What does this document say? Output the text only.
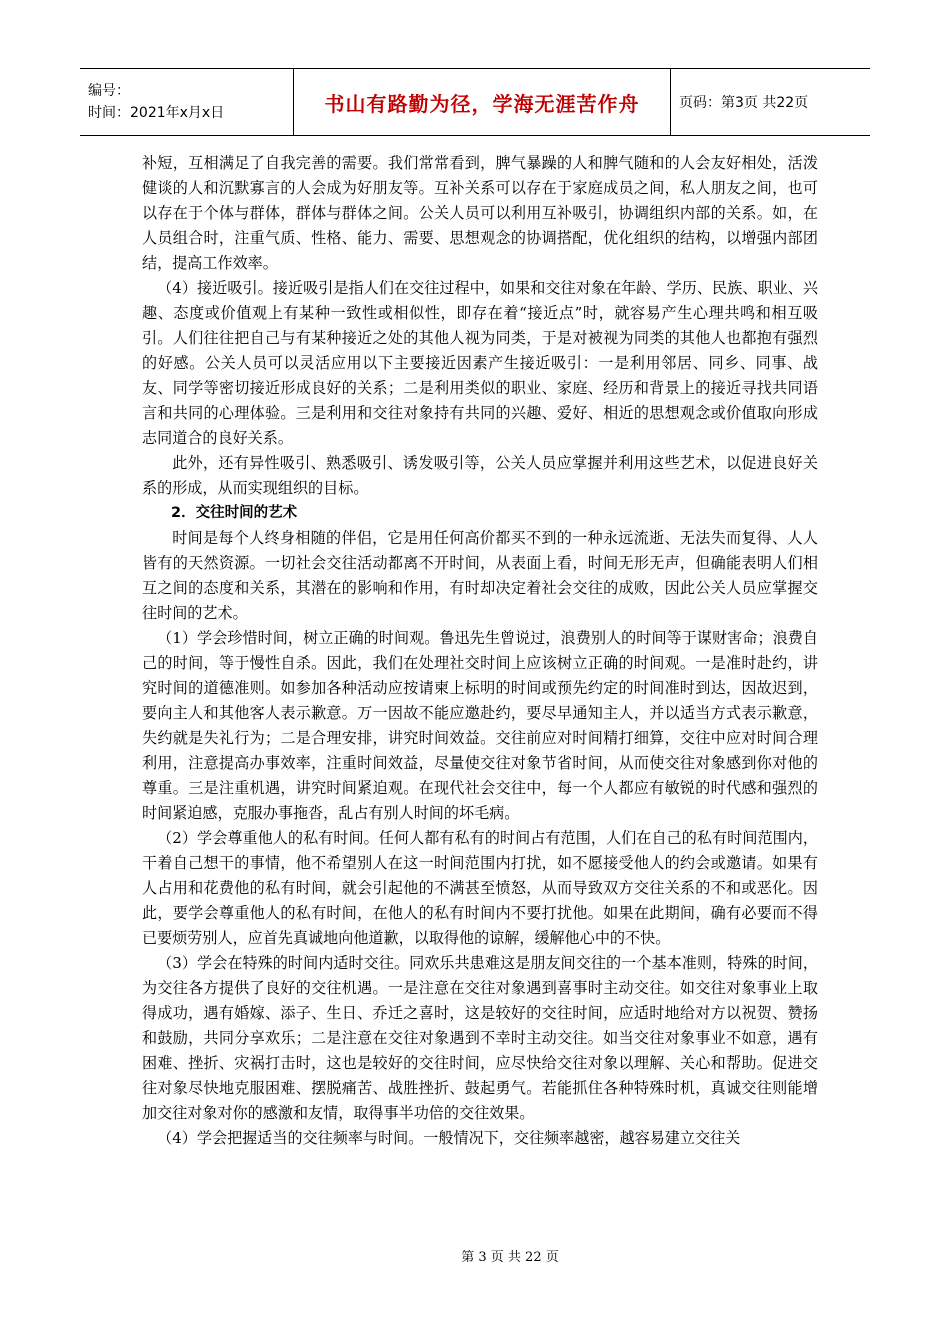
编号：
时间：2021年x月x日	书山有路勤为径，学海无涯苦作舟	页码：第3页 共22页

补短，互相满足了自我完善的需要。我们常常看到，脾气暴躁的人和脾气随和的人会友好相处，活泼健谈的人和沉默寡言的人会成为好朋友等。互补关系可以存在于家庭成员之间，私人朋友之间，也可以存在于个体与群体，群体与群体之间。公关人员可以利用互补吸引，协调组织内部的关系。如，在人员组合时，注重气质、性格、能力、需要、思想观念的协调搭配，优化组织的结构，以增强内部团结，提高工作效率。

（4）接近吸引。接近吸引是指人们在交往过程中，如果和交往对象在年龄、学历、民族、职业、兴趣、态度或价值观上有某种一致性或相似性，即存在着“接近点”时，就容易产生心理共鸣和相互吸引。人们往往把自己与有某种接近之处的其他人视为同类，于是对被视为同类的其他人也都抱有强烈的好感。公关人员可以灵活应用以下主要接近因素产生接近吸引：一是利用邻居、同乡、同事、战友、同学等密切接近形成良好的关系；二是利用类似的职业、家庭、经历和背景上的接近寻找共同语言和共同的心理体验。三是利用和交往对象持有共同的兴趣、爱好、相近的思想观念或价值取向形成志同道合的良好关系。

此外，还有异性吸引、熟悉吸引、诱发吸引等，公关人员应掌握并利用这些艺术，以促进良好关系的形成，从而实现组织的目标。

2．交往时间的艺术

时间是每个人终身相随的伴侣，它是用任何高价都买不到的一种永远流逝、无法失而复得、人人皆有的天然资源。一切社会交往活动都离不开时间，从表面上看，时间无形无声，但确能表明人们相互之间的态度和关系，其潜在的影响和作用，有时却决定着社会交往的成败，因此公关人员应掌握交往时间的艺术。

（1）学会珍惜时间，树立正确的时间观。鲁迅先生曾说过，浪费别人的时间等于谋财害命；浪费自己的时间，等于慢性自杀。因此，我们在处理社交时间上应该树立正确的时间观。一是准时赴约，讲究时间的道德准则。如参加各种活动应按请柬上标明的时间或预先约定的时间准时到达，因故迟到，要向主人和其他客人表示歉意。万一因故不能应邀赴约，要尽早通知主人，并以适当方式表示歉意，失约就是失礼行为；二是合理安排，讲究时间效益。交往前应对时间精打细算，交往中应对时间合理利用，注意提高办事效率，注重时间效益，尽量使交往对象节省时间，从而使交往对象感到你对他的尊重。三是注重机遇，讲究时间紧迫观。在现代社会交往中，每一个人都应有敏锐的时代感和强烈的时间紧迫感，克服办事拖沓，乱占有别人时间的坏毛病。

（2）学会尊重他人的私有时间。任何人都有私有的时间占有范围，人们在自己的私有时间范围内，干着自己想干的事情，他不希望别人在这一时间范围内打扰，如不愿接受他人的约会或邀请。如果有人占用和花费他的私有时间，就会引起他的不满甚至愤怒，从而导致双方交往关系的不和或恶化。因此，要学会尊重他人的私有时间，在他人的私有时间内不要打扰他。如果在此期间，确有必要而不得已要烦劳别人，应首先真诚地向他道歉，以取得他的谅解，缓解他心中的不快。

（3）学会在特殊的时间内适时交往。同欢乐共患难这是朋友间交往的一个基本准则，特殊的时间，为交往各方提供了良好的交往机遇。一是注意在交往对象遇到喜事时主动交往。如交往对象事业上取得成功，遇有婚嫁、添子、生日、乔迁之喜时，这是较好的交往时间，应适时地给对方以祝贺、赞扬和鼓励，共同分享欢乐；二是注意在交往对象遇到不幸时主动交往。如当交往对象事业不如意，遇有困难、挫折、灾祸打击时，这也是较好的交往时间，应尽快给交往对象以理解、关心和帮助。促进交往对象尽快地克服困难、摆脱痛苦、战胜挫折、鼓起勇气。若能抓住各种特殊时机，真诚交往则能增加交往对象对你的感激和友情，取得事半功倍的交往效果。

（4）学会把握适当的交往频率与时间。一般情况下，交往频率越密，越容易建立交往关

第 3 页 共 22 页
